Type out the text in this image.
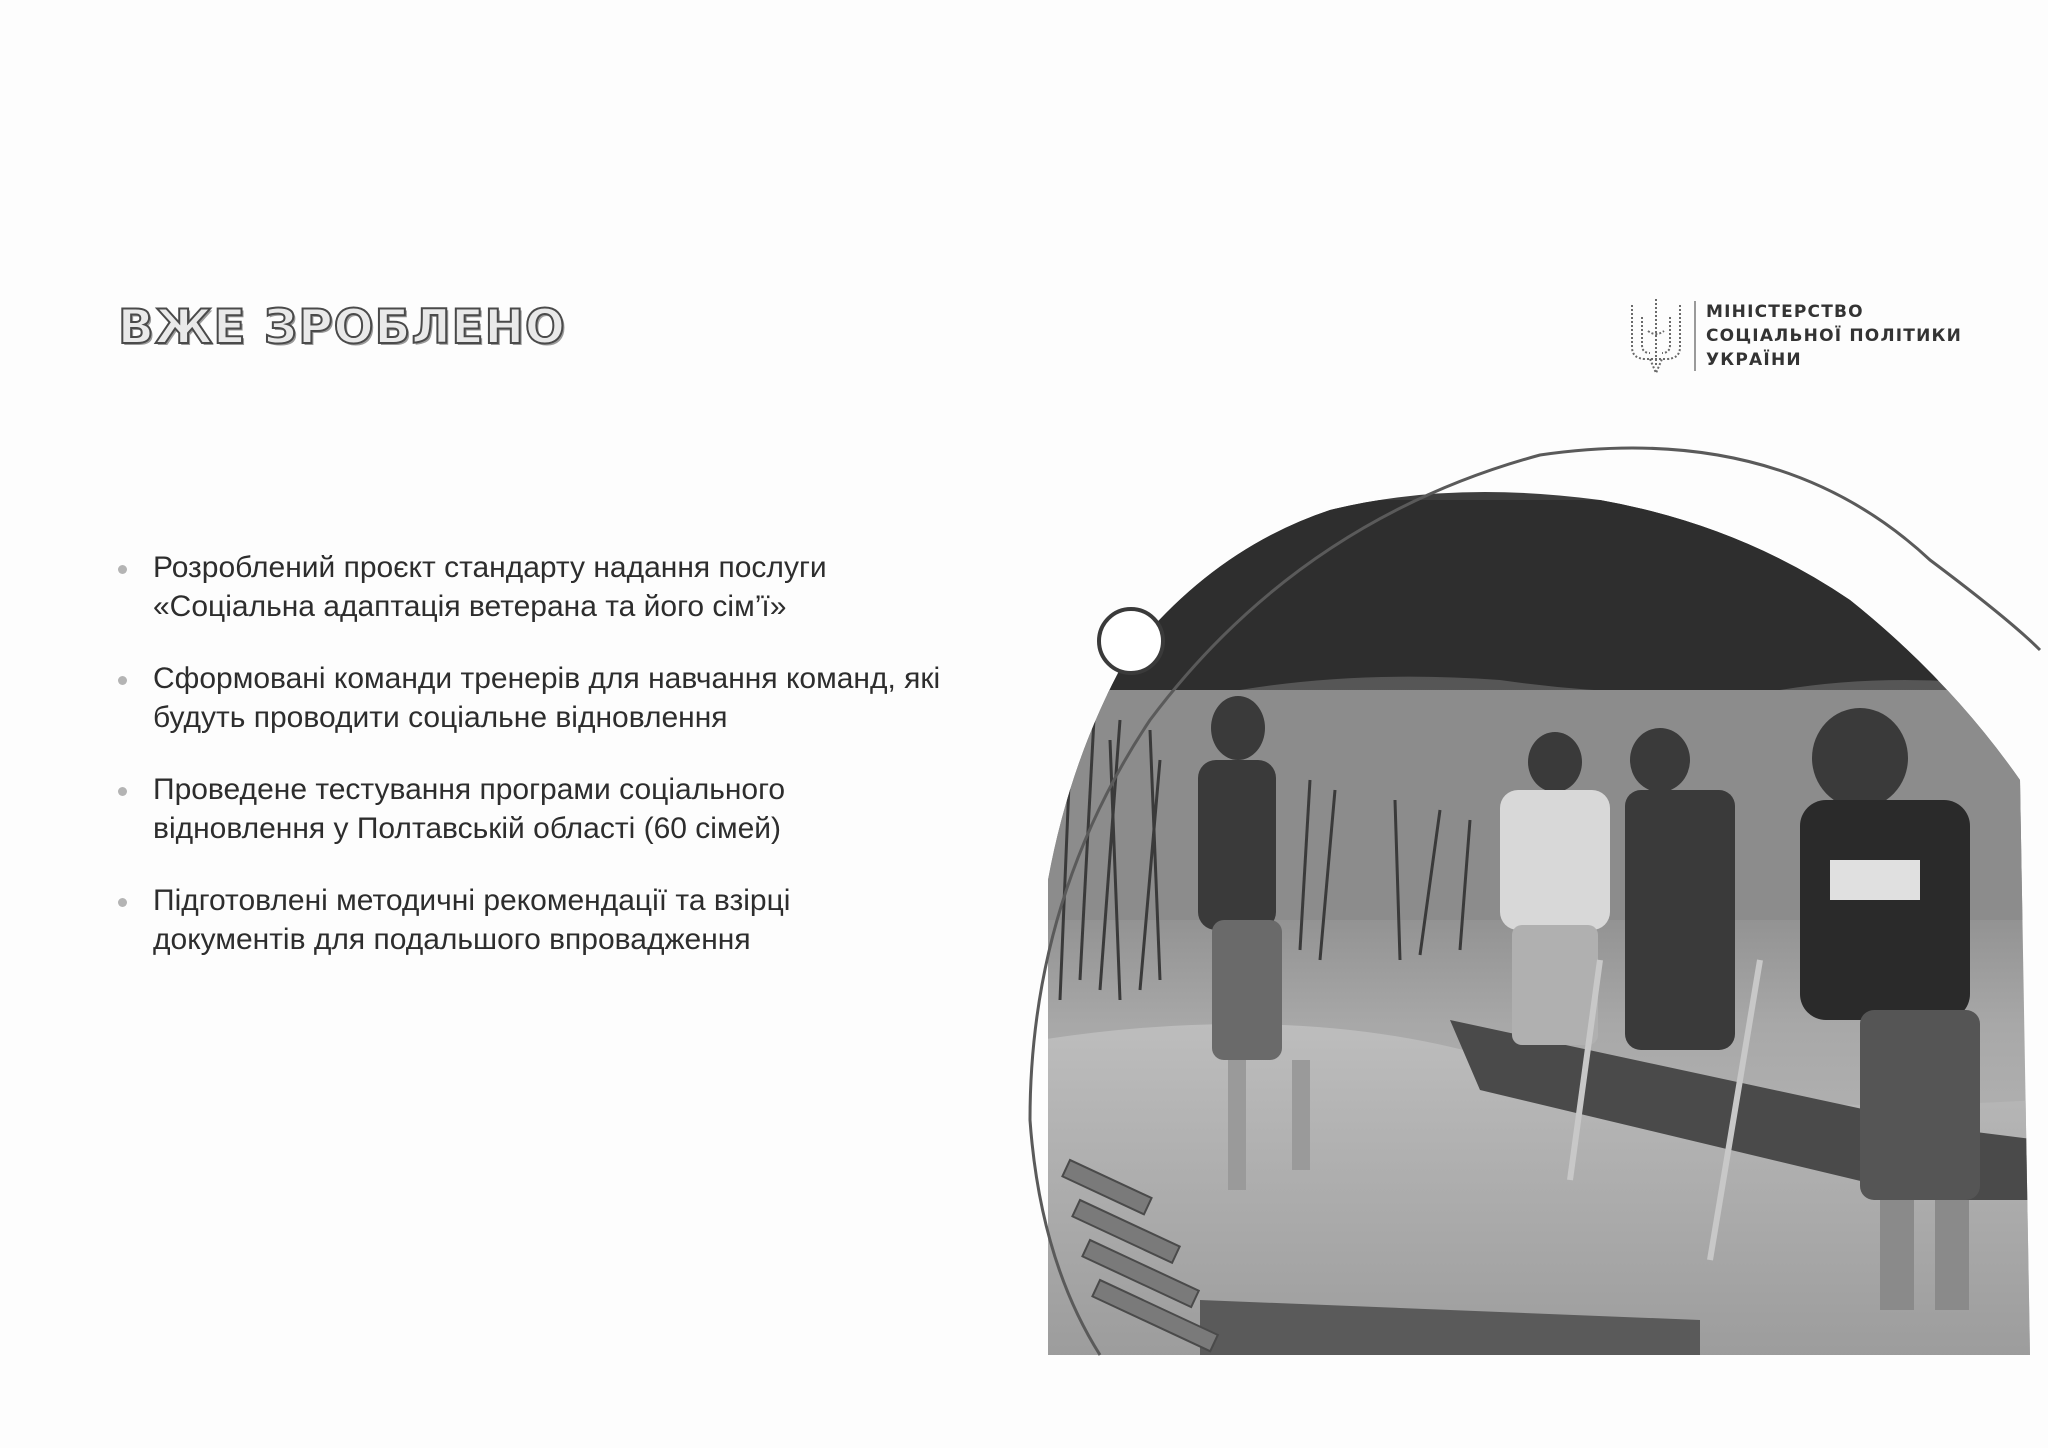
ВЖЕ ЗРОБЛЕНО	МІНІСТЕРСТВО
СОЦІАЛЬНОЇ ПОЛІТИКИ
УКРАЇНИ
Розроблений проєкт стандарту надання послуги «Соціальна адаптація ветерана та його сім’ї»
Сформовані команди тренерів для навчання команд, які будуть проводити соціальне відновлення
Проведене тестування програми соціального відновлення у Полтавській області (60 сімей)
Підготовлені методичні рекомендації та взірці документів для подальшого впровадження
